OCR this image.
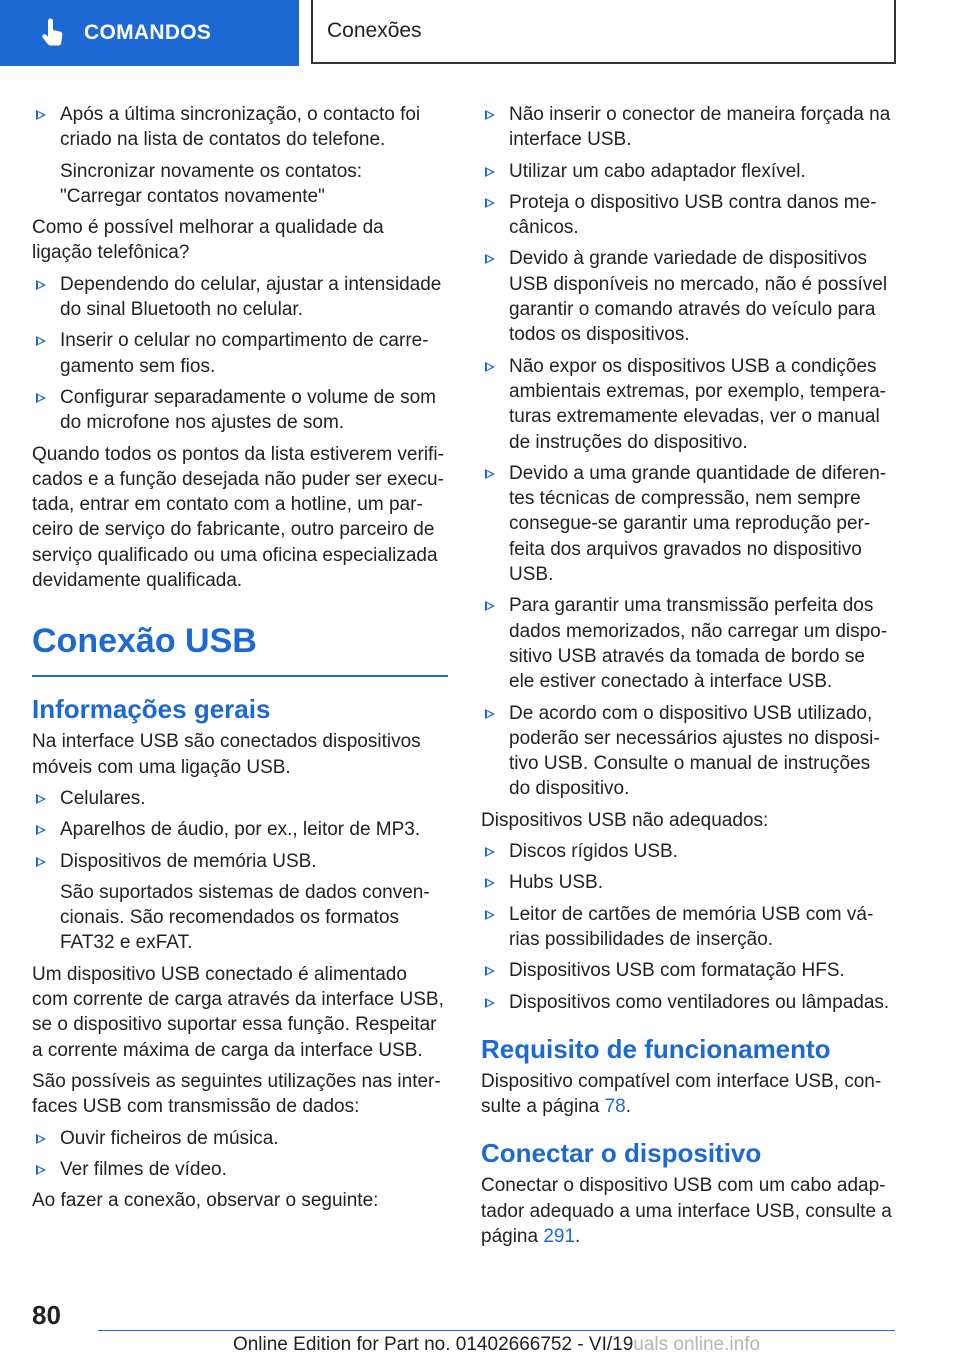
COMANDOS	Conexões
Após a última sincronização, o contacto foi criado na lista de contatos do telefone.
Sincronizar novamente os contatos: "Carregar contatos novamente"

Como é possível melhorar a qualidade da ligação telefônica?

Dependendo do celular, ajustar a intensidade do sinal Bluetooth no celular.
Inserir o celular no compartimento de carregamento sem fios.
Configurar separadamente o volume de som do microfone nos ajustes de som.

Quando todos os pontos da lista estiverem verificados e a função desejada não puder ser executada, entrar em contato com a hotline, um parceiro de serviço do fabricante, outro parceiro de serviço qualificado ou uma oficina especializada devidamente qualificada.

Conexão USB
Informações gerais

Na interface USB são conectados dispositivos móveis com uma ligação USB.

Celulares.
Aparelhos de áudio, por ex., leitor de MP3.
Dispositivos de memória USB.
São suportados sistemas de dados convencionais. São recomendados os formatos FAT32 e exFAT.

Um dispositivo USB conectado é alimentado com corrente de carga através da interface USB, se o dispositivo suportar essa função. Respeitar a corrente máxima de carga da interface USB.

São possíveis as seguintes utilizações nas interfaces USB com transmissão de dados:

Ouvir ficheiros de música.
Ver filmes de vídeo.

Ao fazer a conexão, observar o seguinte:

Não inserir o conector de maneira forçada na interface USB.
Utilizar um cabo adaptador flexível.
Proteja o dispositivo USB contra danos mecânicos.
Devido à grande variedade de dispositivos USB disponíveis no mercado, não é possível garantir o comando através do veículo para todos os dispositivos.
Não expor os dispositivos USB a condições ambientais extremas, por exemplo, temperaturas extremamente elevadas, ver o manual de instruções do dispositivo.
Devido a uma grande quantidade de diferentes técnicas de compressão, nem sempre consegue-se garantir uma reprodução perfeita dos arquivos gravados no dispositivo USB.
Para garantir uma transmissão perfeita dos dados memorizados, não carregar um dispositivo USB através da tomada de bordo se ele estiver conectado à interface USB.
De acordo com o dispositivo USB utilizado, poderão ser necessários ajustes no dispositivo USB. Consulte o manual de instruções do dispositivo.

Dispositivos USB não adequados:

Discos rígidos USB.
Hubs USB.
Leitor de cartões de memória USB com várias possibilidades de inserção.
Dispositivos USB com formatação HFS.
Dispositivos como ventiladores ou lâmpadas.
Requisito de funcionamento

Dispositivo compatível com interface USB, consulte a página 78.

Conectar o dispositivo

Conectar o dispositivo USB com um cabo adaptador adequado a uma interface USB, consulte a página 291.

80
Online Edition for Part no. 01402666752 - VI/19uals online.info
